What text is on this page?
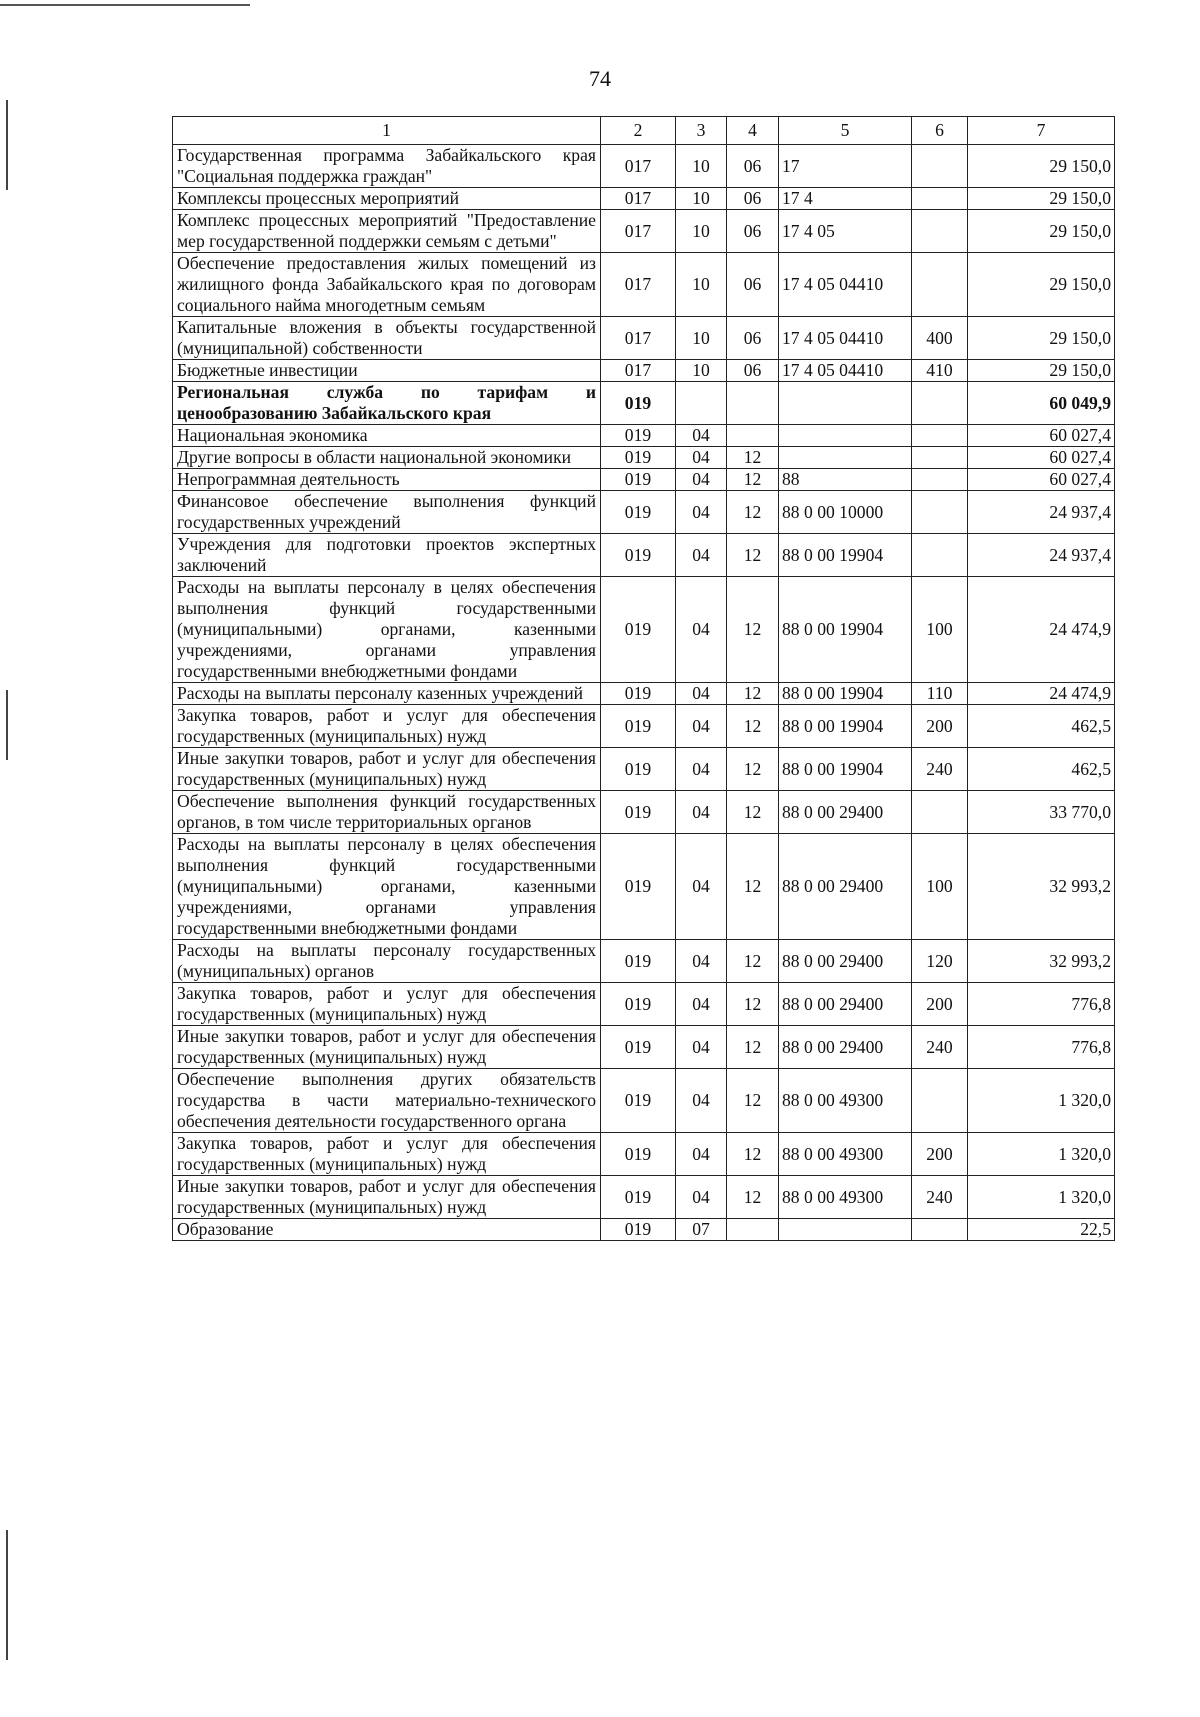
74
1	2	3	4	5	6	7
Государственная программа Забайкальского края "Социальная поддержка граждан"	017	10	06	17		29 150,0
Комплексы процессных мероприятий	017	10	06	17 4		29 150,0
Комплекс процессных мероприятий "Предоставление мер государственной поддержки семьям с детьми"	017	10	06	17 4 05		29 150,0
Обеспечение предоставления жилых помещений из жилищного фонда Забайкальского края по договорам социального найма многодетным семьям	017	10	06	17 4 05 04410		29 150,0
Капитальные вложения в объекты государственной (муниципальной) собственности	017	10	06	17 4 05 04410	400	29 150,0
Бюджетные инвестиции	017	10	06	17 4 05 04410	410	29 150,0
Региональная служба по тарифам и ценообразованию Забайкальского края	019					60 049,9
Национальная экономика	019	04				60 027,4
Другие вопросы в области национальной экономики	019	04	12			60 027,4
Непрограммная деятельность	019	04	12	88		60 027,4
Финансовое обеспечение выполнения функций государственных учреждений	019	04	12	88 0 00 10000		24 937,4
Учреждения для подготовки проектов экспертных заключений	019	04	12	88 0 00 19904		24 937,4
Расходы на выплаты персоналу в целях обеспечения выполнения функций государственными (муниципальными) органами, казенными учреждениями, органами управления государственными внебюджетными фондами	019	04	12	88 0 00 19904	100	24 474,9
Расходы на выплаты персоналу казенных учреждений	019	04	12	88 0 00 19904	110	24 474,9
Закупка товаров, работ и услуг для обеспечения государственных (муниципальных) нужд	019	04	12	88 0 00 19904	200	462,5
Иные закупки товаров, работ и услуг для обеспечения государственных (муниципальных) нужд	019	04	12	88 0 00 19904	240	462,5
Обеспечение выполнения функций государственных органов, в том числе территориальных органов	019	04	12	88 0 00 29400		33 770,0
Расходы на выплаты персоналу в целях обеспечения выполнения функций государственными (муниципальными) органами, казенными учреждениями, органами управления государственными внебюджетными фондами	019	04	12	88 0 00 29400	100	32 993,2
Расходы на выплаты персоналу государственных (муниципальных) органов	019	04	12	88 0 00 29400	120	32 993,2
Закупка товаров, работ и услуг для обеспечения государственных (муниципальных) нужд	019	04	12	88 0 00 29400	200	776,8
Иные закупки товаров, работ и услуг для обеспечения государственных (муниципальных) нужд	019	04	12	88 0 00 29400	240	776,8
Обеспечение выполнения других обязательств государства в части материально-технического обеспечения деятельности государственного органа	019	04	12	88 0 00 49300		1 320,0
Закупка товаров, работ и услуг для обеспечения государственных (муниципальных) нужд	019	04	12	88 0 00 49300	200	1 320,0
Иные закупки товаров, работ и услуг для обеспечения государственных (муниципальных) нужд	019	04	12	88 0 00 49300	240	1 320,0
Образование	019	07				22,5
